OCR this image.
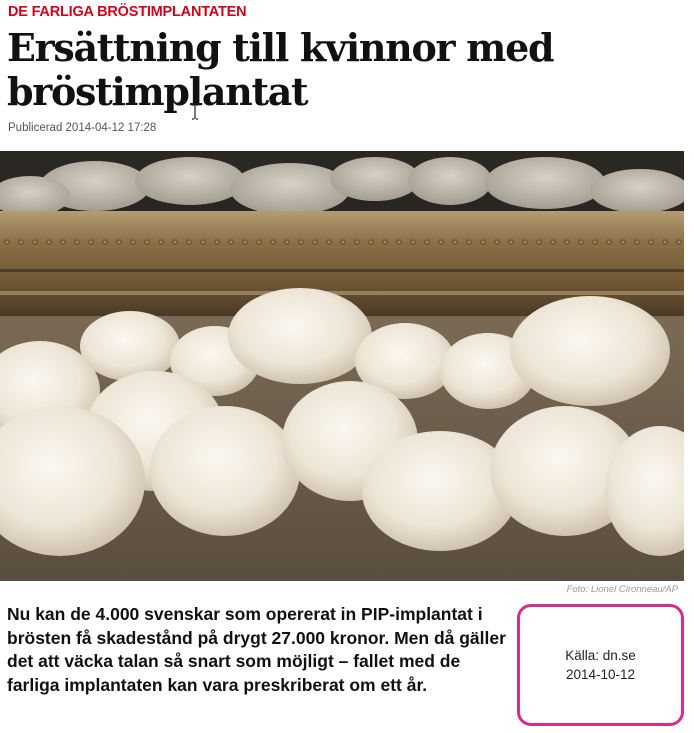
DE FARLIGA BRÖSTIMPLANTATEN
Ersättning till kvinnor med bröstimplantat
Publicerad 2014-04-12 17:28
Foto: Lionel Cironneau/AP

Nu kan de 4.000 svenskar som opererat in PIP-implantat i brösten få skadestånd på drygt 27.000 kronor. Men då gäller det att väcka talan så snart som möjligt – fallet med de farliga implantaten kan vara preskriberat om ett år.

Källa: dn.se
2014-10-12
